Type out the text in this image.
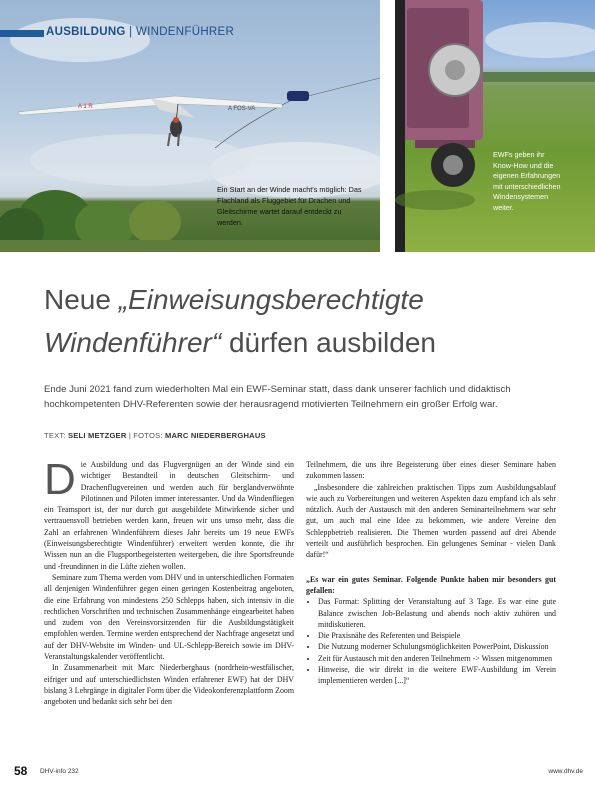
A 1 R	A FOS-VA
AUSBILDUNG | WINDENFÜHRER
Ein Start an der Winde macht's möglich: Das Flachland als Fluggebiet für Drachen und Gleitschirme wartet darauf entdeckt zu werden.
EWFs geben ihr Know-How und die eigenen Erfahrungen mit unterschiedlichen Windensystemen weiter.
Neue „Einweisungsberechtigte Windenführer“ dürfen ausbilden
Ende Juni 2021 fand zum wiederholten Mal ein EWF-Seminar statt, dass dank unserer fachlich und didaktisch hochkompetenten DHV-Referenten sowie der herausragend motivierten Teilnehmern ein großer Erfolg war.
TEXT: SELI METZGER | FOTOS: MARC NIEDERBERGHAUS

Die Ausbildung und das Flugvergnügen an der Winde sind ein wichtiger Bestandteil in deutschen Gleitschirm- und Drachenflugvereinen und werden auch für berglandverwöhnte Pilotinnen und Piloten immer interessanter. Und da Windenfliegen ein Teamsport ist, der nur durch gut ausgebildete Mitwirkende sicher und vertrauensvoll betrieben werden kann, freuen wir uns umso mehr, dass die Zahl an erfahrenen Windenführern dieses Jahr bereits um 19 neue EWFs (Einweisungsberechtigte Windenführer) erweitert werden konnte, die ihr Wissen nun an die Flugsportbegeisterten weitergeben, die ihre Sportsfreunde und -freundinnen in die Lüfte ziehen wollen.

Seminare zum Thema werden vom DHV und in unterschiedlichen Formaten all denjenigen Windenführer gegen einen geringen Kostenbeitrag angeboten, die eine Erfahrung von mindestens 250 Schlepps haben, sich intensiv in die rechtlichen Vorschriften und technischen Zusammenhänge eingearbeitet haben und zudem von den Vereinsvorsitzenden für die Ausbildungstätigkeit empfohlen werden. Termine werden entsprechend der Nachfrage angesetzt und auf der DHV-Website im Winden- und UL-Schlepp-Bereich sowie im DHV-Veranstaltungskalender veröffentlicht.

In Zusammenarbeit mit Marc Niederberghaus (nordrhein-westfälischer, eifriger und auf unterschiedlichsten Winden erfahrener EWF) hat der DHV bislang 3 Lehrgänge in digitaler Form über die Videokonferenzplattform Zoom angeboten und bedankt sich sehr bei den

Teilnehmern, die uns ihre Begeisterung über eines dieser Seminare haben zukommen lassen:

„Insbesondere die zahlreichen praktischen Tipps zum Ausbildungsablauf wie auch zu Vorbereitungen und weiteren Aspekten dazu empfand ich als sehr nützlich. Auch der Austausch mit den anderen Seminarteilnehmern war sehr gut, um auch mal eine Idee zu bekommen, wie andere Vereine den Schleppbetrieb realisieren. Die Themen wurden passend auf drei Abende verteilt und ausführlich besprochen. Ein gelungenes Seminar - vielen Dank dafür!“

„Es war ein gutes Seminar. Folgende Punkte haben mir besonders gut gefallen:

• Das Format: Splitting der Veranstaltung auf 3 Tage. Es war eine gute Balance zwischen Job-Belastung und abends noch aktiv zuhören und mitdiskutieren.
• Die Praxisnähe des Referenten und Beispiele
• Die Nutzung moderner Schulungsmöglichkeiten PowerPoint, Diskussion
• Zeit für Austausch mit den anderen Teilnehmern -> Wissen mitgenommen
• Hinweise, die wir direkt in die weitere EWF-Ausbildung im Verein implementieren werden [...]“
58 DHV-info 232	www.dhv.de
